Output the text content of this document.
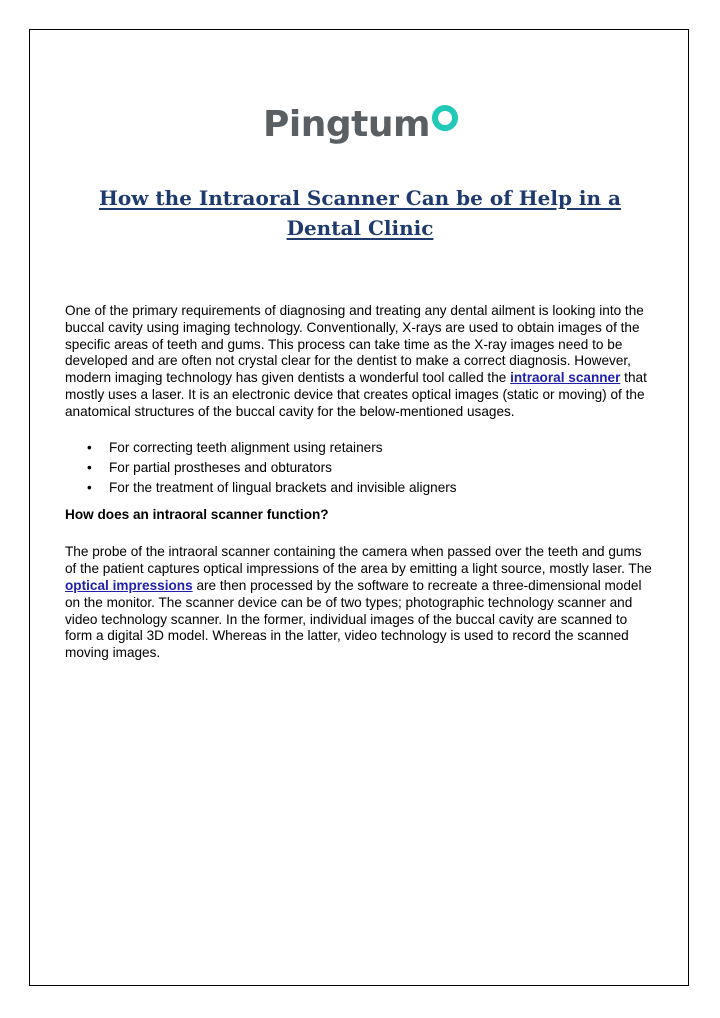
Pingtum
How the Intraoral Scanner Can be of Help in a Dental Clinic

One of the primary requirements of diagnosing and treating any dental ailment is looking into the buccal cavity using imaging technology. Conventionally, X-rays are used to obtain images of the specific areas of teeth and gums. This process can take time as the X-ray images need to be developed and are often not crystal clear for the dentist to make a correct diagnosis. However, modern imaging technology has given dentists a wonderful tool called the intraoral scanner that mostly uses a laser. It is an electronic device that creates optical images (static or moving) of the anatomical structures of the buccal cavity for the below-mentioned usages.

• For correcting teeth alignment using retainers
• For partial prostheses and obturators
• For the treatment of lingual brackets and invisible aligners

How does an intraoral scanner function?

The probe of the intraoral scanner containing the camera when passed over the teeth and gums of the patient captures optical impressions of the area by emitting a light source, mostly laser. The optical impressions are then processed by the software to recreate a three-dimensional model on the monitor. The scanner device can be of two types; photographic technology scanner and video technology scanner. In the former, individual images of the buccal cavity are scanned to form a digital 3D model. Whereas in the latter, video technology is used to record the scanned moving images.
